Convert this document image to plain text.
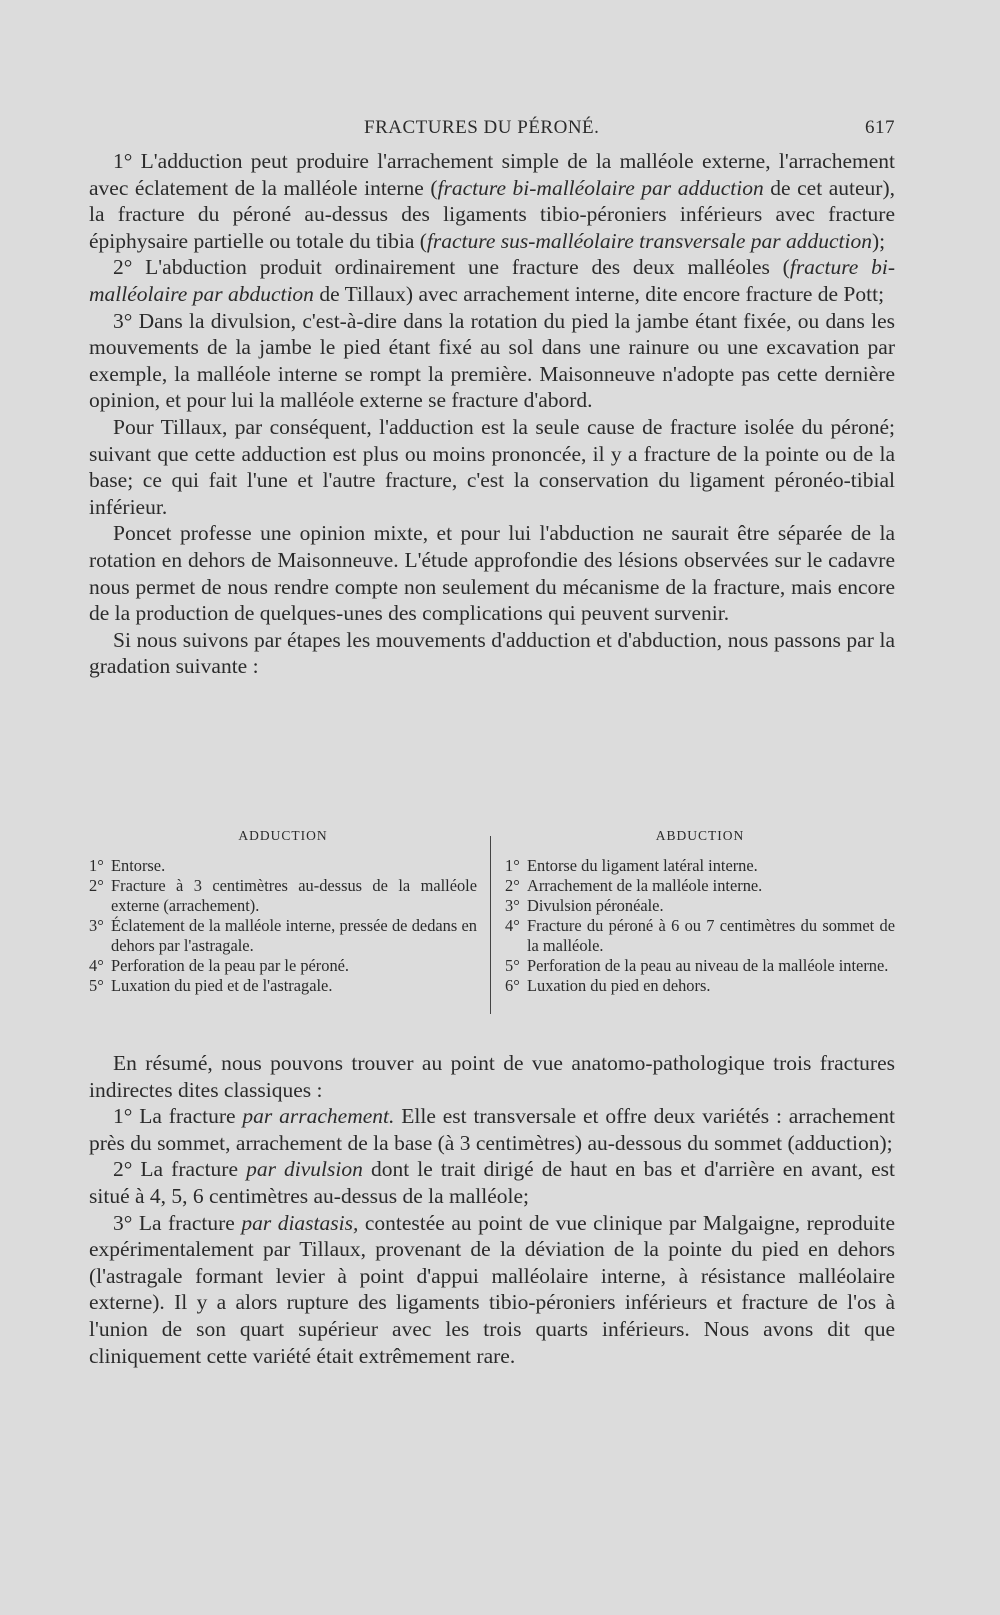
FRACTURES DU PÉRONÉ.	617

1° L'adduction peut produire l'arrachement simple de la malléole externe, l'arrachement avec éclatement de la malléole interne (fracture bi-malléolaire par adduction de cet auteur), la fracture du péroné au-dessus des ligaments tibio-péroniers inférieurs avec fracture épiphysaire partielle ou totale du tibia (fracture sus-malléolaire transversale par adduction);

2° L'abduction produit ordinairement une fracture des deux malléoles (fracture bi-malléolaire par abduction de Tillaux) avec arrachement interne, dite encore fracture de Pott;

3° Dans la divulsion, c'est-à-dire dans la rotation du pied la jambe étant fixée, ou dans les mouvements de la jambe le pied étant fixé au sol dans une rainure ou une excavation par exemple, la malléole interne se rompt la première. Maisonneuve n'adopte pas cette dernière opinion, et pour lui la malléole externe se fracture d'abord.

Pour Tillaux, par conséquent, l'adduction est la seule cause de fracture isolée du péroné; suivant que cette adduction est plus ou moins prononcée, il y a fracture de la pointe ou de la base; ce qui fait l'une et l'autre fracture, c'est la conservation du ligament péronéo-tibial inférieur.

Poncet professe une opinion mixte, et pour lui l'abduction ne saurait être séparée de la rotation en dehors de Maisonneuve. L'étude approfondie des lésions observées sur le cadavre nous permet de nous rendre compte non seulement du mécanisme de la fracture, mais encore de la production de quelques-unes des complications qui peuvent survenir.

Si nous suivons par étapes les mouvements d'adduction et d'abduction, nous passons par la gradation suivante :

ADDUCTION
1° Entorse.
2° Fracture à 3 centimètres au-dessus de la malléole externe (arrachement).
3° Éclatement de la malléole interne, pressée de dedans en dehors par l'astragale.
4° Perforation de la peau par le péroné.
5° Luxation du pied et de l'astragale.
ABDUCTION
1° Entorse du ligament latéral interne.
2° Arrachement de la malléole interne.
3° Divulsion péronéale.
4° Fracture du péroné à 6 ou 7 centimètres du sommet de la malléole.
5° Perforation de la peau au niveau de la malléole interne.
6° Luxation du pied en dehors.

En résumé, nous pouvons trouver au point de vue anatomo-pathologique trois fractures indirectes dites classiques :

1° La fracture par arrachement. Elle est transversale et offre deux variétés : arrachement près du sommet, arrachement de la base (à 3 centimètres) au-dessous du sommet (adduction);

2° La fracture par divulsion dont le trait dirigé de haut en bas et d'arrière en avant, est situé à 4, 5, 6 centimètres au-dessus de la malléole;

3° La fracture par diastasis, contestée au point de vue clinique par Malgaigne, reproduite expérimentalement par Tillaux, provenant de la déviation de la pointe du pied en dehors (l'astragale formant levier à point d'appui malléolaire interne, à résistance malléolaire externe). Il y a alors rupture des ligaments tibio-péroniers inférieurs et fracture de l'os à l'union de son quart supérieur avec les trois quarts inférieurs. Nous avons dit que cliniquement cette variété était extrêmement rare.
